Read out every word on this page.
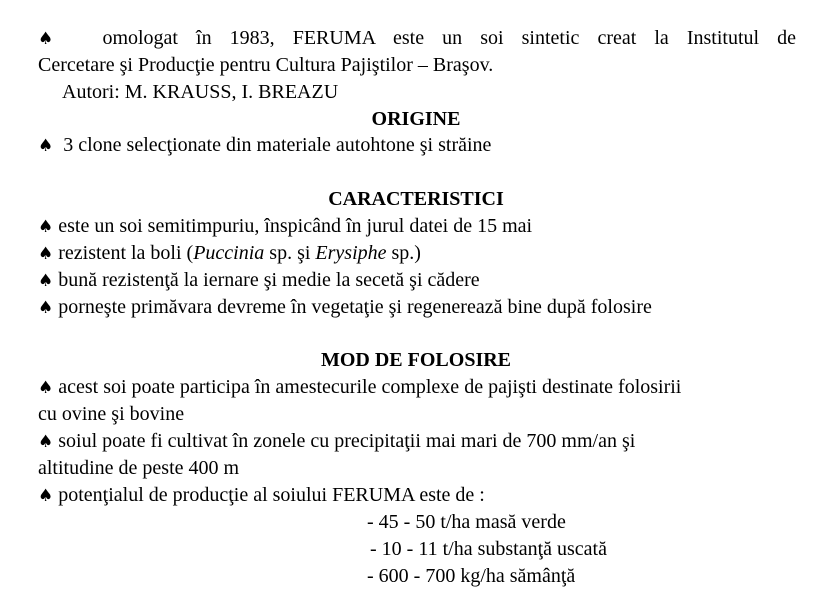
♠ omologat în 1983, FERUMA este un soi sintetic creat la Institutul de
Cercetare şi Producţie pentru Cultura Pajiştilor – Braşov.
Autori: M. KRAUSS, I. BREAZU
ORIGINE
♠ 3 clone selecţionate din materiale autohtone şi străine
CARACTERISTICI
♠ este un soi semitimpuriu, înspicând în jurul datei de 15 mai
♠ rezistent la boli (Puccinia sp. şi Erysiphe sp.)
♠ bună rezistenţă la iernare şi medie la secetă şi cădere
♠ porneşte primăvara devreme în vegetaţie şi regenerează bine după folosire
MOD DE FOLOSIRE
♠ acest soi poate participa în amestecurile complexe de pajişti destinate folosirii
cu ovine şi bovine
♠ soiul poate fi cultivat în zonele cu precipitaţii mai mari de 700 mm/an şi
altitudine de peste 400 m
♠ potenţialul de producţie al soiului FERUMA este de :
- 45 - 50 t/ha masă verde
- 10 - 11 t/ha substanţă uscată
- 600 - 700 kg/ha sămânţă
